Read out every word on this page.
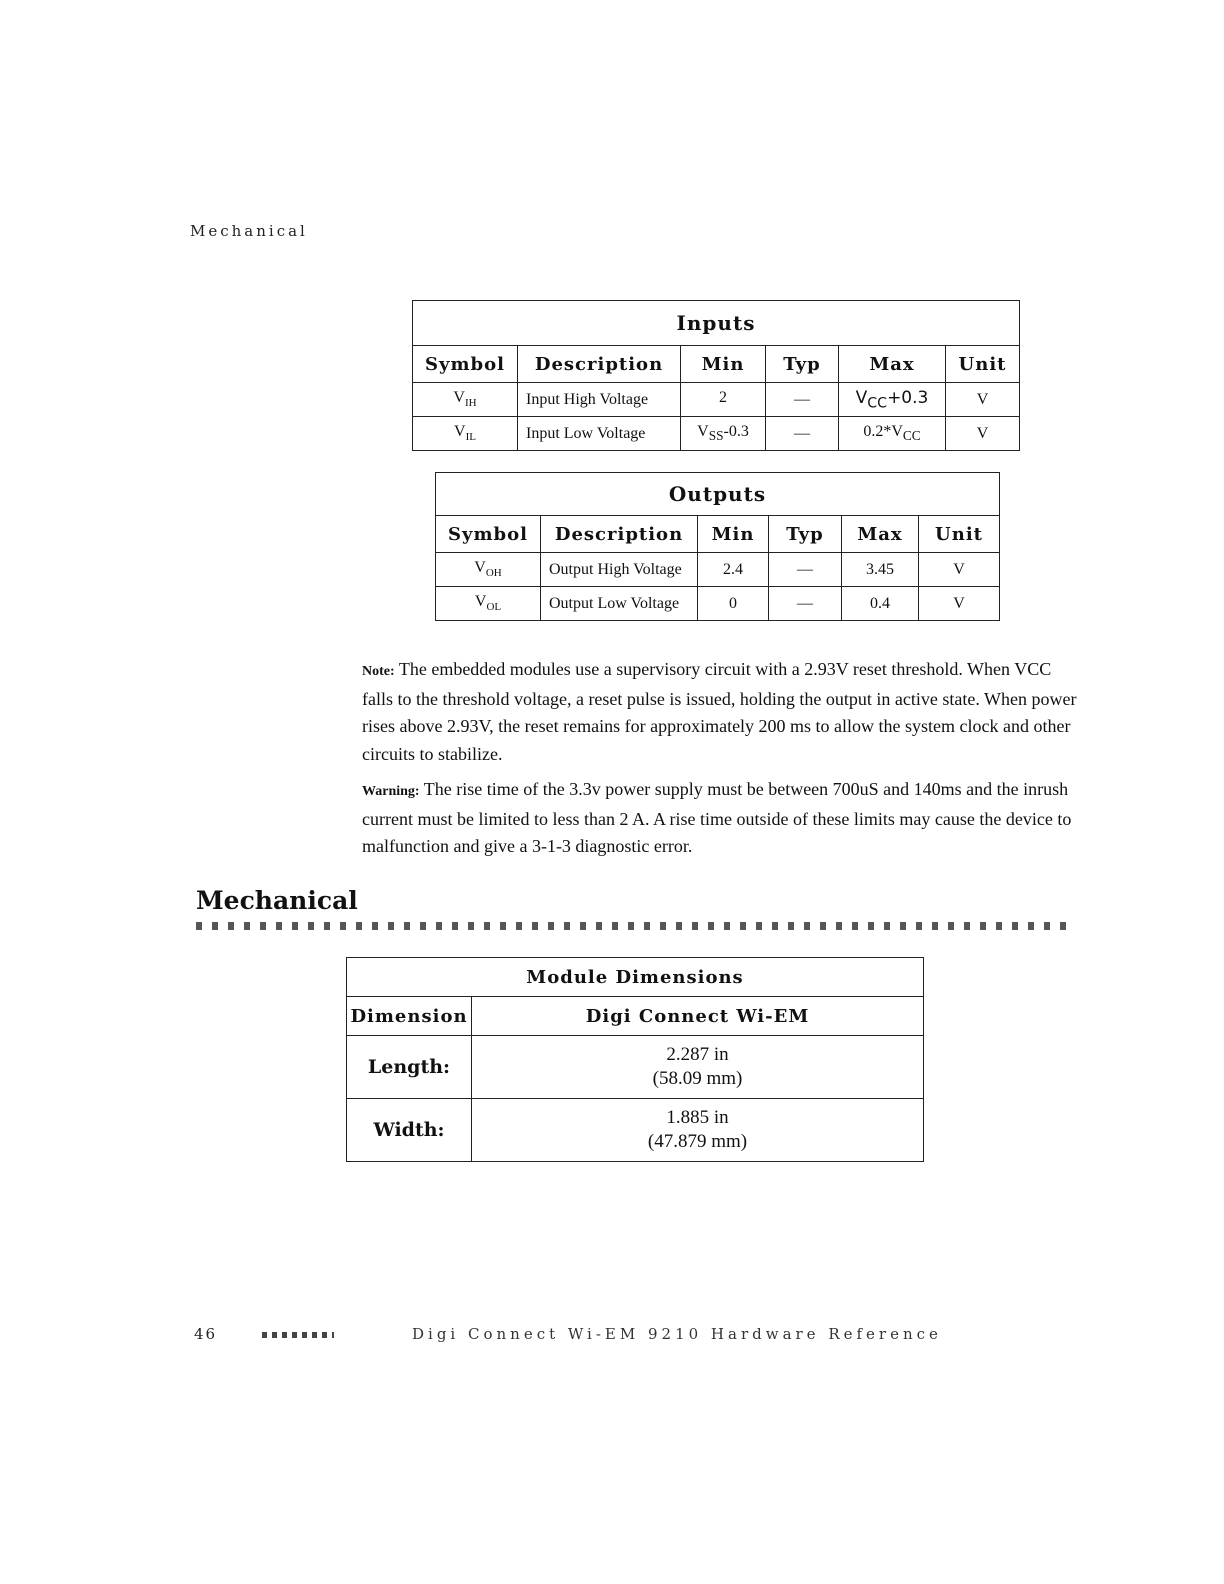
Mechanical
Inputs					
Symbol	Description	Min	Typ	Max	Unit
$V_{IH}$	Input High Voltage	2	—	$V_{CC}+0.3$	V
$V_{IL}$	Input Low Voltage	$V_{SS}-0.3$	—	$0.2*V_{CC}$	V
Outputs					
Symbol	Description	Min	Typ	Max	Unit
$V_{OH}$	Output High Voltage	2.4	—	3.45	V
$V_{OL}$	Output Low Voltage	0	—	0.4	V

Note: The embedded modules use a supervisory circuit with a 2.93V reset threshold. When VCC falls to the threshold voltage, a reset pulse is issued, holding the output in active state. When power rises above 2.93V, the reset remains for approximately 200 ms to allow the system clock and other circuits to stabilize.

Warning: The rise time of the 3.3v power supply must be between 700uS and 140ms and the inrush current must be limited to less than 2 A. A rise time outside of these limits may cause the device to malfunction and give a 3-1-3 diagnostic error.

Mechanical
Module Dimensions	
Dimension	Digi Connect Wi-EM
Length:	2.287 in
(58.09 mm)

Width:	1.885 in
(47.879 mm)
46	Digi Connect Wi-EM 9210 Hardware Reference
